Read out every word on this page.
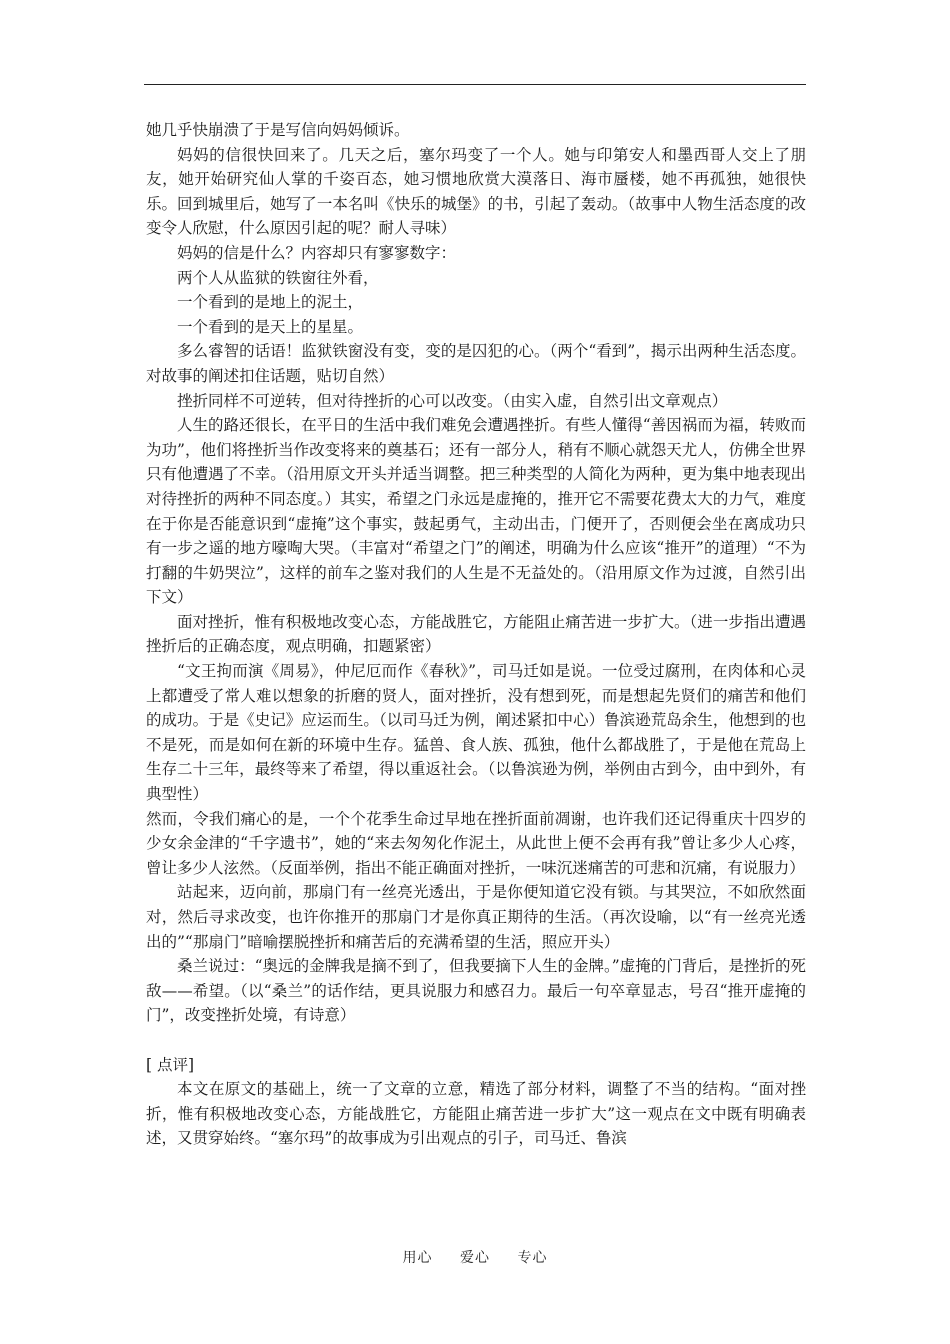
她几乎快崩溃了于是写信向妈妈倾诉。

妈妈的信很快回来了。几天之后，塞尔玛变了一个人。她与印第安人和墨西哥人交上了朋友，她开始研究仙人掌的千姿百态，她习惯地欣赏大漠落日、海市蜃楼，她不再孤独，她很快乐。回到城里后，她写了一本名叫《快乐的城堡》的书，引起了轰动。（故事中人物生活态度的改变令人欣慰，什么原因引起的呢？耐人寻味）

妈妈的信是什么？内容却只有寥寥数字：

两个人从监狱的铁窗往外看，

一个看到的是地上的泥土，

一个看到的是天上的星星。

多么睿智的话语！监狱铁窗没有变，变的是囚犯的心。（两个“看到”，揭示出两种生活态度。对故事的阐述扣住话题，贴切自然）

挫折同样不可逆转，但对待挫折的心可以改变。（由实入虚，自然引出文章观点）

人生的路还很长，在平日的生活中我们难免会遭遇挫折。有些人懂得“善因祸而为福，转败而为功”，他们将挫折当作改变将来的奠基石；还有一部分人，稍有不顺心就怨天尤人，仿佛全世界只有他遭遇了不幸。（沿用原文开头并适当调整。把三种类型的人简化为两种，更为集中地表现出对待挫折的两种不同态度。）其实，希望之门永远是虚掩的，推开它不需要花费太大的力气，难度在于你是否能意识到“虚掩”这个事实，鼓起勇气，主动出击，门便开了，否则便会坐在离成功只有一步之遥的地方嚎啕大哭。（丰富对“希望之门”的阐述，明确为什么应该“推开”的道理）“不为打翻的牛奶哭泣”，这样的前车之鉴对我们的人生是不无益处的。（沿用原文作为过渡，自然引出下文）

面对挫折，惟有积极地改变心态，方能战胜它，方能阻止痛苦进一步扩大。（进一步指出遭遇挫折后的正确态度，观点明确，扣题紧密）

“文王拘而演《周易》，仲尼厄而作《春秋》”，司马迁如是说。一位受过腐刑，在肉体和心灵上都遭受了常人难以想象的折磨的贤人，面对挫折，没有想到死，而是想起先贤们的痛苦和他们的成功。于是《史记》应运而生。（以司马迁为例，阐述紧扣中心）鲁滨逊荒岛余生，他想到的也不是死，而是如何在新的环境中生存。猛兽、食人族、孤独，他什么都战胜了，于是他在荒岛上生存二十三年，最终等来了希望，得以重返社会。（以鲁滨逊为例，举例由古到今，由中到外，有典型性）

然而，令我们痛心的是，一个个花季生命过早地在挫折面前凋谢，也许我们还记得重庆十四岁的少女余金津的“千字遗书”，她的“来去匆匆化作泥土，从此世上便不会再有我”曾让多少人心疼，曾让多少人泫然。（反面举例，指出不能正确面对挫折，一味沉迷痛苦的可悲和沉痛，有说服力）

站起来，迈向前，那扇门有一丝亮光透出，于是你便知道它没有锁。与其哭泣，不如欣然面对，然后寻求改变，也许你推开的那扇门才是你真正期待的生活。（再次设喻，以“有一丝亮光透出的”“那扇门”暗喻摆脱挫折和痛苦后的充满希望的生活，照应开头）

桑兰说过：“奥远的金牌我是摘不到了，但我要摘下人生的金牌。”虚掩的门背后，是挫折的死敌——希望。（以“桑兰”的话作结，更具说服力和感召力。最后一句卒章显志，号召“推开虚掩的门”，改变挫折处境，有诗意）

[ 点评]

本文在原文的基础上，统一了文章的立意，精选了部分材料，调整了不当的结构。“面对挫折，惟有积极地改变心态，方能战胜它，方能阻止痛苦进一步扩大”这一观点在文中既有明确表述，又贯穿始终。“塞尔玛”的故事成为引出观点的引子，司马迁、鲁滨

用心 爱心 专心
